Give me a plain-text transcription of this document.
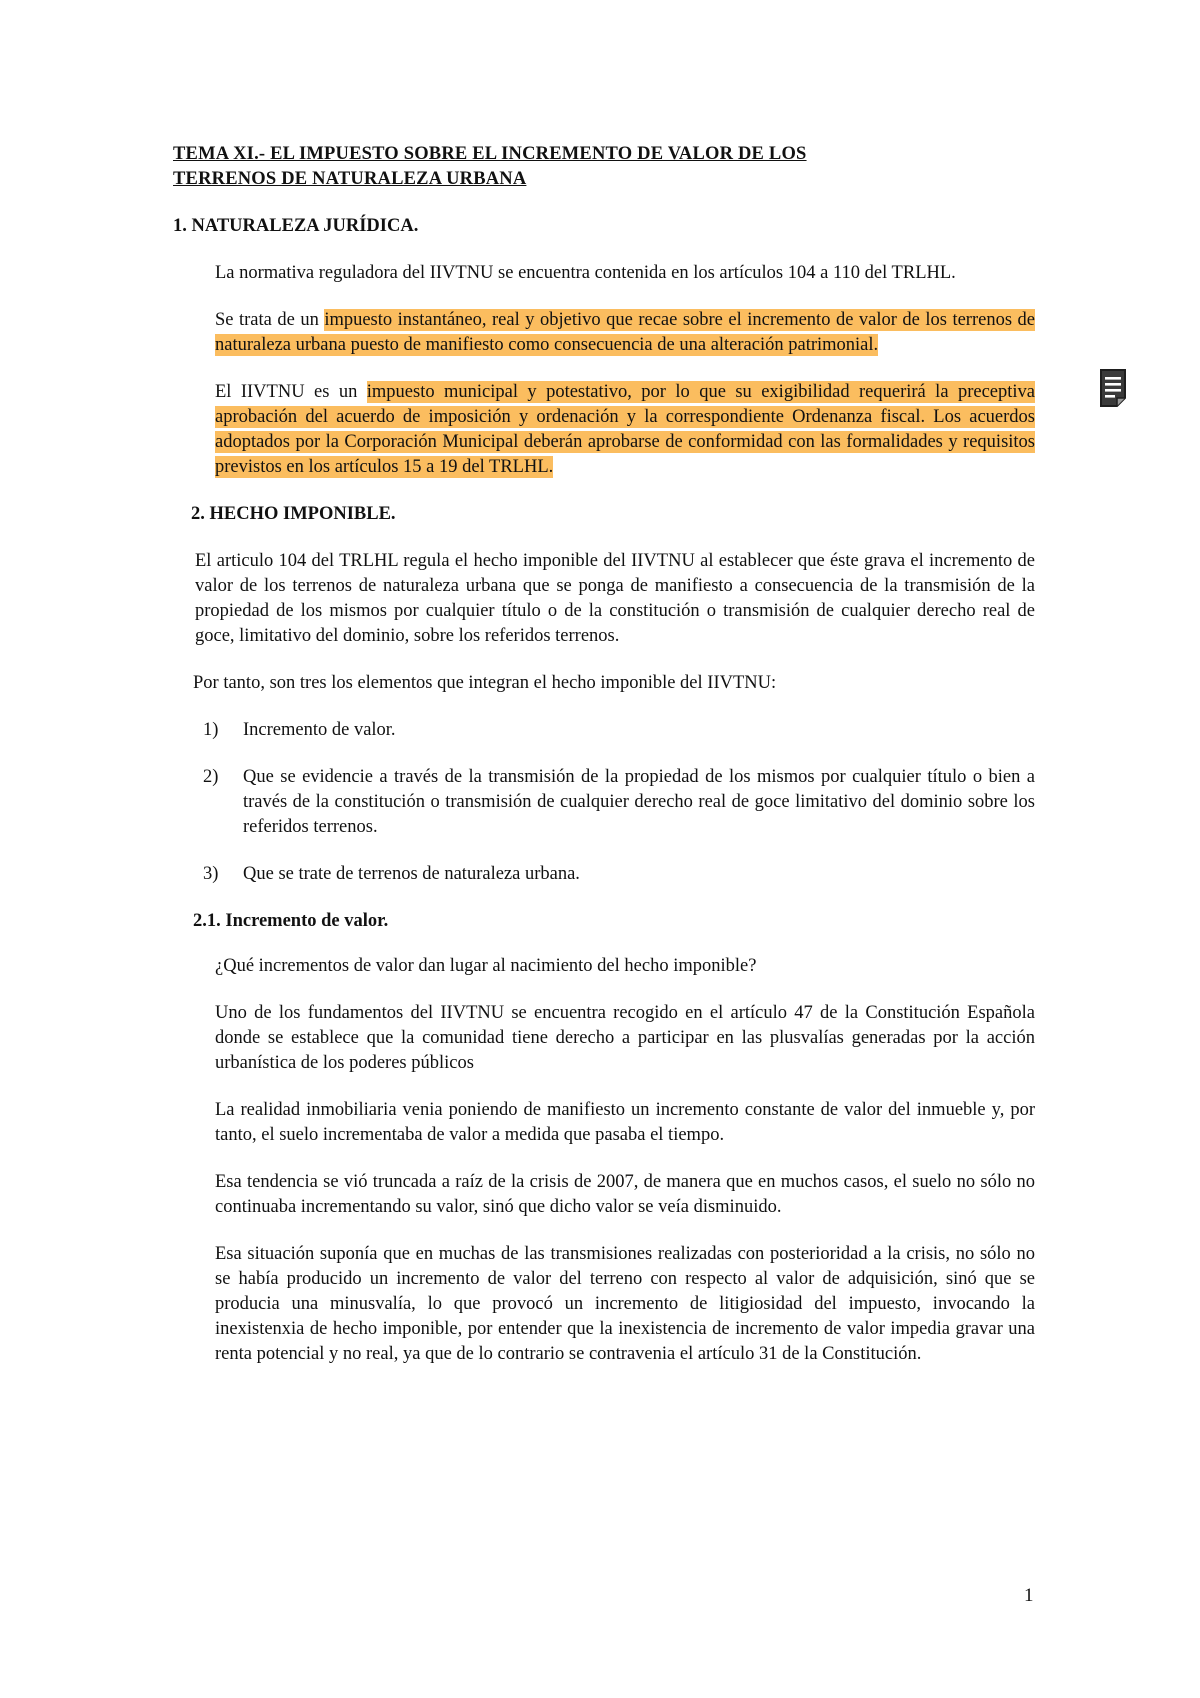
TEMA XI.- EL IMPUESTO SOBRE EL INCREMENTO DE VALOR DE LOS
TERRENOS DE NATURALEZA URBANA

1. NATURALEZA JURÍDICA.

La normativa reguladora del IIVTNU se encuentra contenida en los artículos 104 a 110 del TRLHL.

Se trata de un impuesto instantáneo, real y objetivo que recae sobre el incremento de valor de los terrenos de naturaleza urbana puesto de manifiesto como consecuencia de una alteración patrimonial.

El IIVTNU es un impuesto municipal y potestativo, por lo que su exigibilidad requerirá la preceptiva aprobación del acuerdo de imposición y ordenación y la correspondiente Ordenanza fiscal. Los acuerdos adoptados por la Corporación Municipal deberán aprobarse de conformidad con las formalidades y requisitos previstos en los artículos 15 a 19 del TRLHL.

2. HECHO IMPONIBLE.

El articulo 104 del TRLHL regula el hecho imponible del IIVTNU al establecer que éste grava el incremento de valor de los terrenos de naturaleza urbana que se ponga de manifiesto a consecuencia de la transmisión de la propiedad de los mismos por cualquier título o de la constitución o transmisión de cualquier derecho real de goce, limitativo del dominio, sobre los referidos terrenos.

Por tanto, son tres los elementos que integran el hecho imponible del IIVTNU:

1) Incremento de valor.
2) Que se evidencie a través de la transmisión de la propiedad de los mismos por cualquier título o bien a través de la constitución o transmisión de cualquier derecho real de goce limitativo del dominio sobre los referidos terrenos.
3) Que se trate de terrenos de naturaleza urbana.

2.1. Incremento de valor.

¿Qué incrementos de valor dan lugar al nacimiento del hecho imponible?

Uno de los fundamentos del IIVTNU se encuentra recogido en el artículo 47 de la Constitución Española donde se establece que la comunidad tiene derecho a participar en las plusvalías generadas por la acción urbanística de los poderes públicos

La realidad inmobiliaria venia poniendo de manifiesto un incremento constante de valor del inmueble y, por tanto, el suelo incrementaba de valor a medida que pasaba el tiempo.

Esa tendencia se vió truncada a raíz de la crisis de 2007, de manera que en muchos casos, el suelo no sólo no continuaba incrementando su valor, sinó que dicho valor se veía disminuido.

Esa situación suponía que en muchas de las transmisiones realizadas con posterioridad a la crisis, no sólo no se había producido un incremento de valor del terreno con respecto al valor de adquisición, sinó que se producia una minusvalía, lo que provocó un incremento de litigiosidad del impuesto, invocando la inexistenxia de hecho imponible, por entender que la inexistencia de incremento de valor impedia gravar una renta potencial y no real, ya que de lo contrario se contravenia el artículo 31 de la Constitución.

1
